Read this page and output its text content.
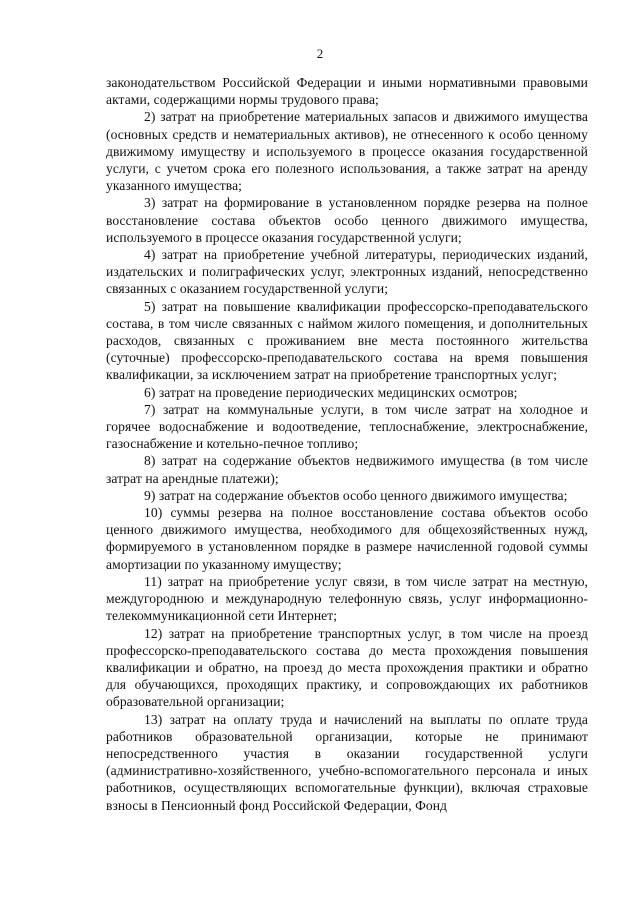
2

законодательством Российской Федерации и иными нормативными правовыми актами, содержащими нормы трудового права;

2) затрат на приобретение материальных запасов и движимого имущества (основных средств и нематериальных активов), не отнесенного к особо ценному движимому имуществу и используемого в процессе оказания государственной услуги, с учетом срока его полезного использования, а также затрат на аренду указанного имущества;

3) затрат на формирование в установленном порядке резерва на полное восстановление состава объектов особо ценного движимого имущества, используемого в процессе оказания государственной услуги;

4) затрат на приобретение учебной литературы, периодических изданий, издательских и полиграфических услуг, электронных изданий, непосредственно связанных с оказанием государственной услуги;

5) затрат на повышение квалификации профессорско-преподавательского состава, в том числе связанных с наймом жилого помещения, и дополнительных расходов, связанных с проживанием вне места постоянного жительства (суточные) профессорско-преподавательского состава на время повышения квалификации, за исключением затрат на приобретение транспортных услуг;

6) затрат на проведение периодических медицинских осмотров;

7) затрат на коммунальные услуги, в том числе затрат на холодное и горячее водоснабжение и водоотведение, теплоснабжение, электроснабжение, газоснабжение и котельно-печное топливо;

8) затрат на содержание объектов недвижимого имущества (в том числе затрат на арендные платежи);

9) затрат на содержание объектов особо ценного движимого имущества;

10) суммы резерва на полное восстановление состава объектов особо ценного движимого имущества, необходимого для общехозяйственных нужд, формируемого в установленном порядке в размере начисленной годовой суммы амортизации по указанному имуществу;

11) затрат на приобретение услуг связи, в том числе затрат на местную, междугороднюю и международную телефонную связь, услуг информационно-телекоммуникационной сети Интернет;

12) затрат на приобретение транспортных услуг, в том числе на проезд профессорско-преподавательского состава до места прохождения повышения квалификации и обратно, на проезд до места прохождения практики и обратно для обучающихся, проходящих практику, и сопровождающих их работников образовательной организации;

13) затрат на оплату труда и начислений на выплаты по оплате труда работников образовательной организации, которые не принимают непосредственного участия в оказании государственной услуги (административно-хозяйственного, учебно-вспомогательного персонала и иных работников, осуществляющих вспомогательные функции), включая страховые взносы в Пенсионный фонд Российской Федерации, Фонд
